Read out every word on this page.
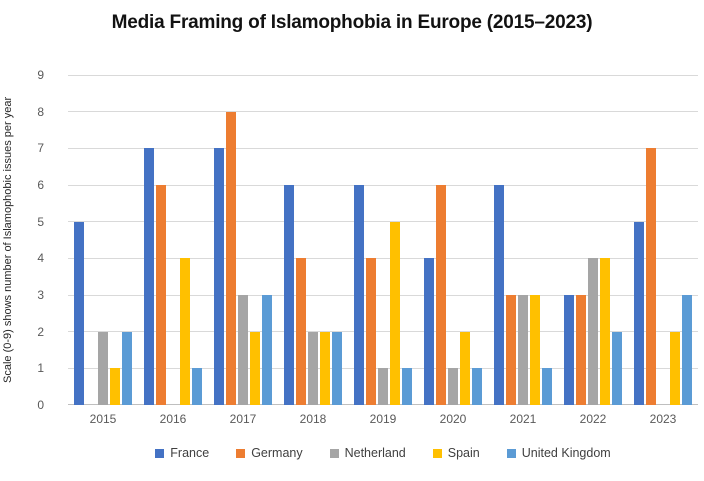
Media Framing of Islamophobia in Europe (2015–2023)
Scale (0-9) shows number of Islamophobic issues per year
0
1
2
3
4
5
6
7
8
9
2015	2016	2017	2018	2019	2020	2021	2022	2023
France	Germany	Netherland	Spain	United Kingdom
